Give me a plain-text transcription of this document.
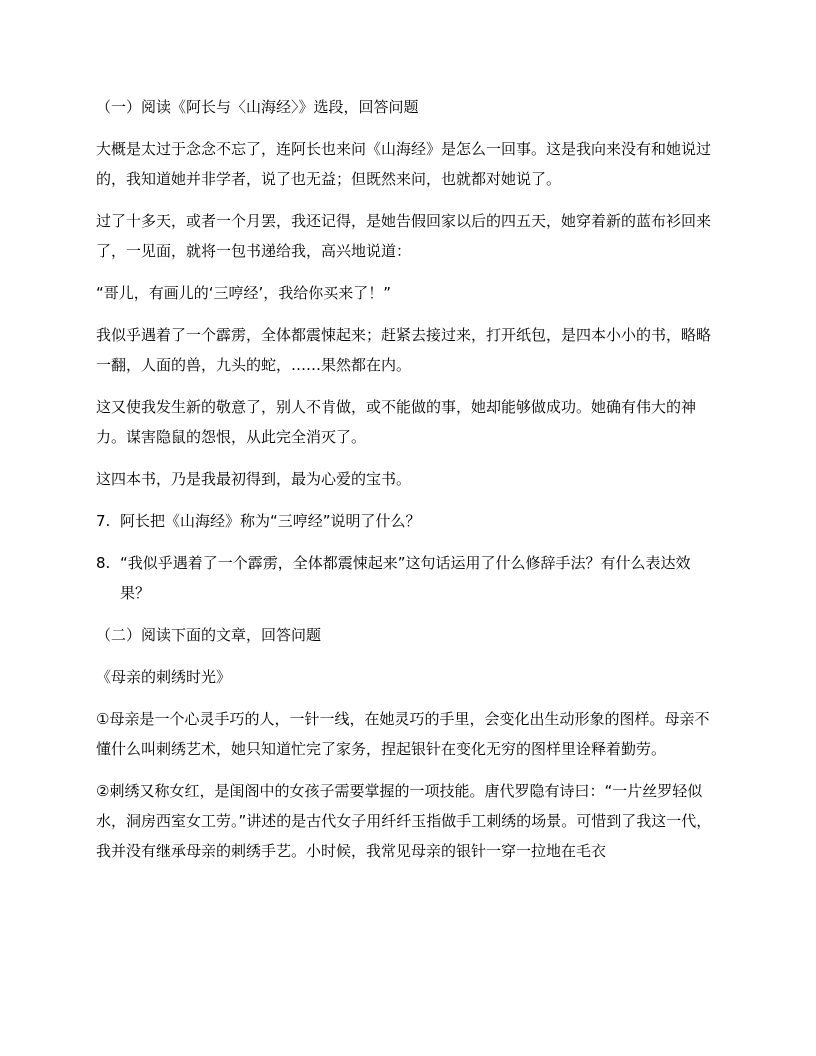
（一）阅读《阿长与〈山海经〉》选段，回答问题
大概是太过于念念不忘了，连阿长也来问《山海经》是怎么一回事。这是我向来没有和她说过的，我知道她并非学者，说了也无益；但既然来问，也就都对她说了。
过了十多天，或者一个月罢，我还记得，是她告假回家以后的四五天，她穿着新的蓝布衫回来了，一见面，就将一包书递给我，高兴地说道：
“哥儿，有画儿的‘三哼经’，我给你买来了！”
我似乎遇着了一个霹雳，全体都震悚起来；赶紧去接过来，打开纸包，是四本小小的书，略略一翻，人面的兽，九头的蛇，……果然都在内。
这又使我发生新的敬意了，别人不肯做，或不能做的事，她却能够做成功。她确有伟大的神力。谋害隐鼠的怨恨，从此完全消灭了。
这四本书，乃是我最初得到，最为心爱的宝书。
7. 阿长把《山海经》称为“三哼经”说明了什么？
8. “我似乎遇着了一个霹雳，全体都震悚起来”这句话运用了什么修辞手法？有什么表达效果？
（二）阅读下面的文章，回答问题
《母亲的刺绣时光》
①母亲是一个心灵手巧的人，一针一线，在她灵巧的手里，会变化出生动形象的图样。母亲不懂什么叫刺绣艺术，她只知道忙完了家务，捏起银针在变化无穷的图样里诠释着勤劳。
②刺绣又称女红，是闺阁中的女孩子需要掌握的一项技能。唐代罗隐有诗曰：“一片丝罗轻似水，洞房西室女工劳。”讲述的是古代女子用纤纤玉指做手工刺绣的场景。可惜到了我这一代，我并没有继承母亲的刺绣手艺。小时候，我常见母亲的银针一穿一拉地在毛衣
